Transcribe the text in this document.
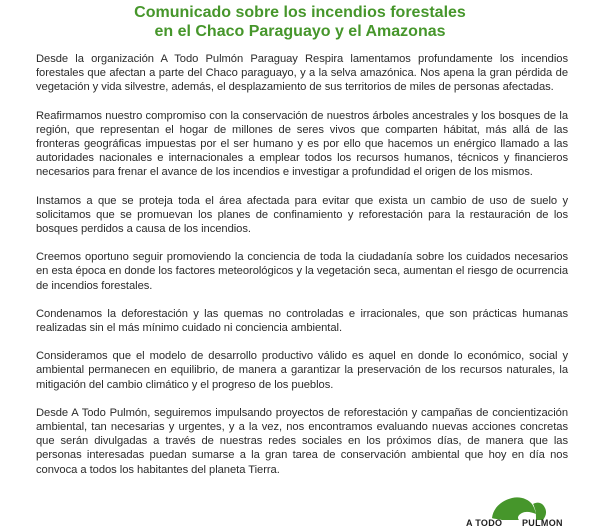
Comunicado sobre los incendios forestales
en el Chaco Paraguayo y el Amazonas

Desde la organización A Todo Pulmón Paraguay Respira lamentamos profundamente los incendios forestales que afectan a parte del Chaco paraguayo, y a la selva amazónica. Nos apena la gran pérdida de vegetación y vida silvestre, además, el desplazamiento de sus territorios de miles de personas afectadas.

Reafirmamos nuestro compromiso con la conservación de nuestros árboles ancestrales y los bosques de la región, que representan el hogar de millones de seres vivos que comparten hábitat, más allá de las fronteras geográficas impuestas por el ser humano y es por ello que hacemos un enérgico llamado a las autoridades nacionales e internacionales a emplear todos los recursos humanos, técnicos y financieros necesarios para frenar el avance de los incendios e investigar a profundidad el origen de los mismos.

Instamos a que se proteja toda el área afectada para evitar que exista un cambio de uso de suelo y solicitamos que se promuevan los planes de confinamiento y reforestación para la restauración de los bosques perdidos a causa de los incendios.

Creemos oportuno seguir promoviendo la conciencia de toda la ciudadanía sobre los cuidados necesarios en esta época en donde los factores meteorológicos y la vegetación seca, aumentan el riesgo de ocurrencia de incendios forestales.

Condenamos la deforestación y las quemas no controladas e irracionales, que son prácticas humanas realizadas sin el más mínimo cuidado ni conciencia ambiental.

Consideramos que el modelo de desarrollo productivo válido es aquel en donde lo económico, social y ambiental permanecen en equilibrio, de manera a garantizar la preservación de los recursos naturales, la mitigación del cambio climático y el progreso de los pueblos.

Desde A Todo Pulmón, seguiremos impulsando proyectos de reforestación y campañas de concientización ambiental, tan necesarias y urgentes, y a la vez, nos encontramos evaluando nuevas acciones concretas que serán divulgadas a través de nuestras redes sociales en los próximos días, de manera que las personas interesadas puedan sumarse a la gran tarea de conservación ambiental que hoy en día nos convoca a todos los habitantes del planeta Tierra.

A TODO PULMON
